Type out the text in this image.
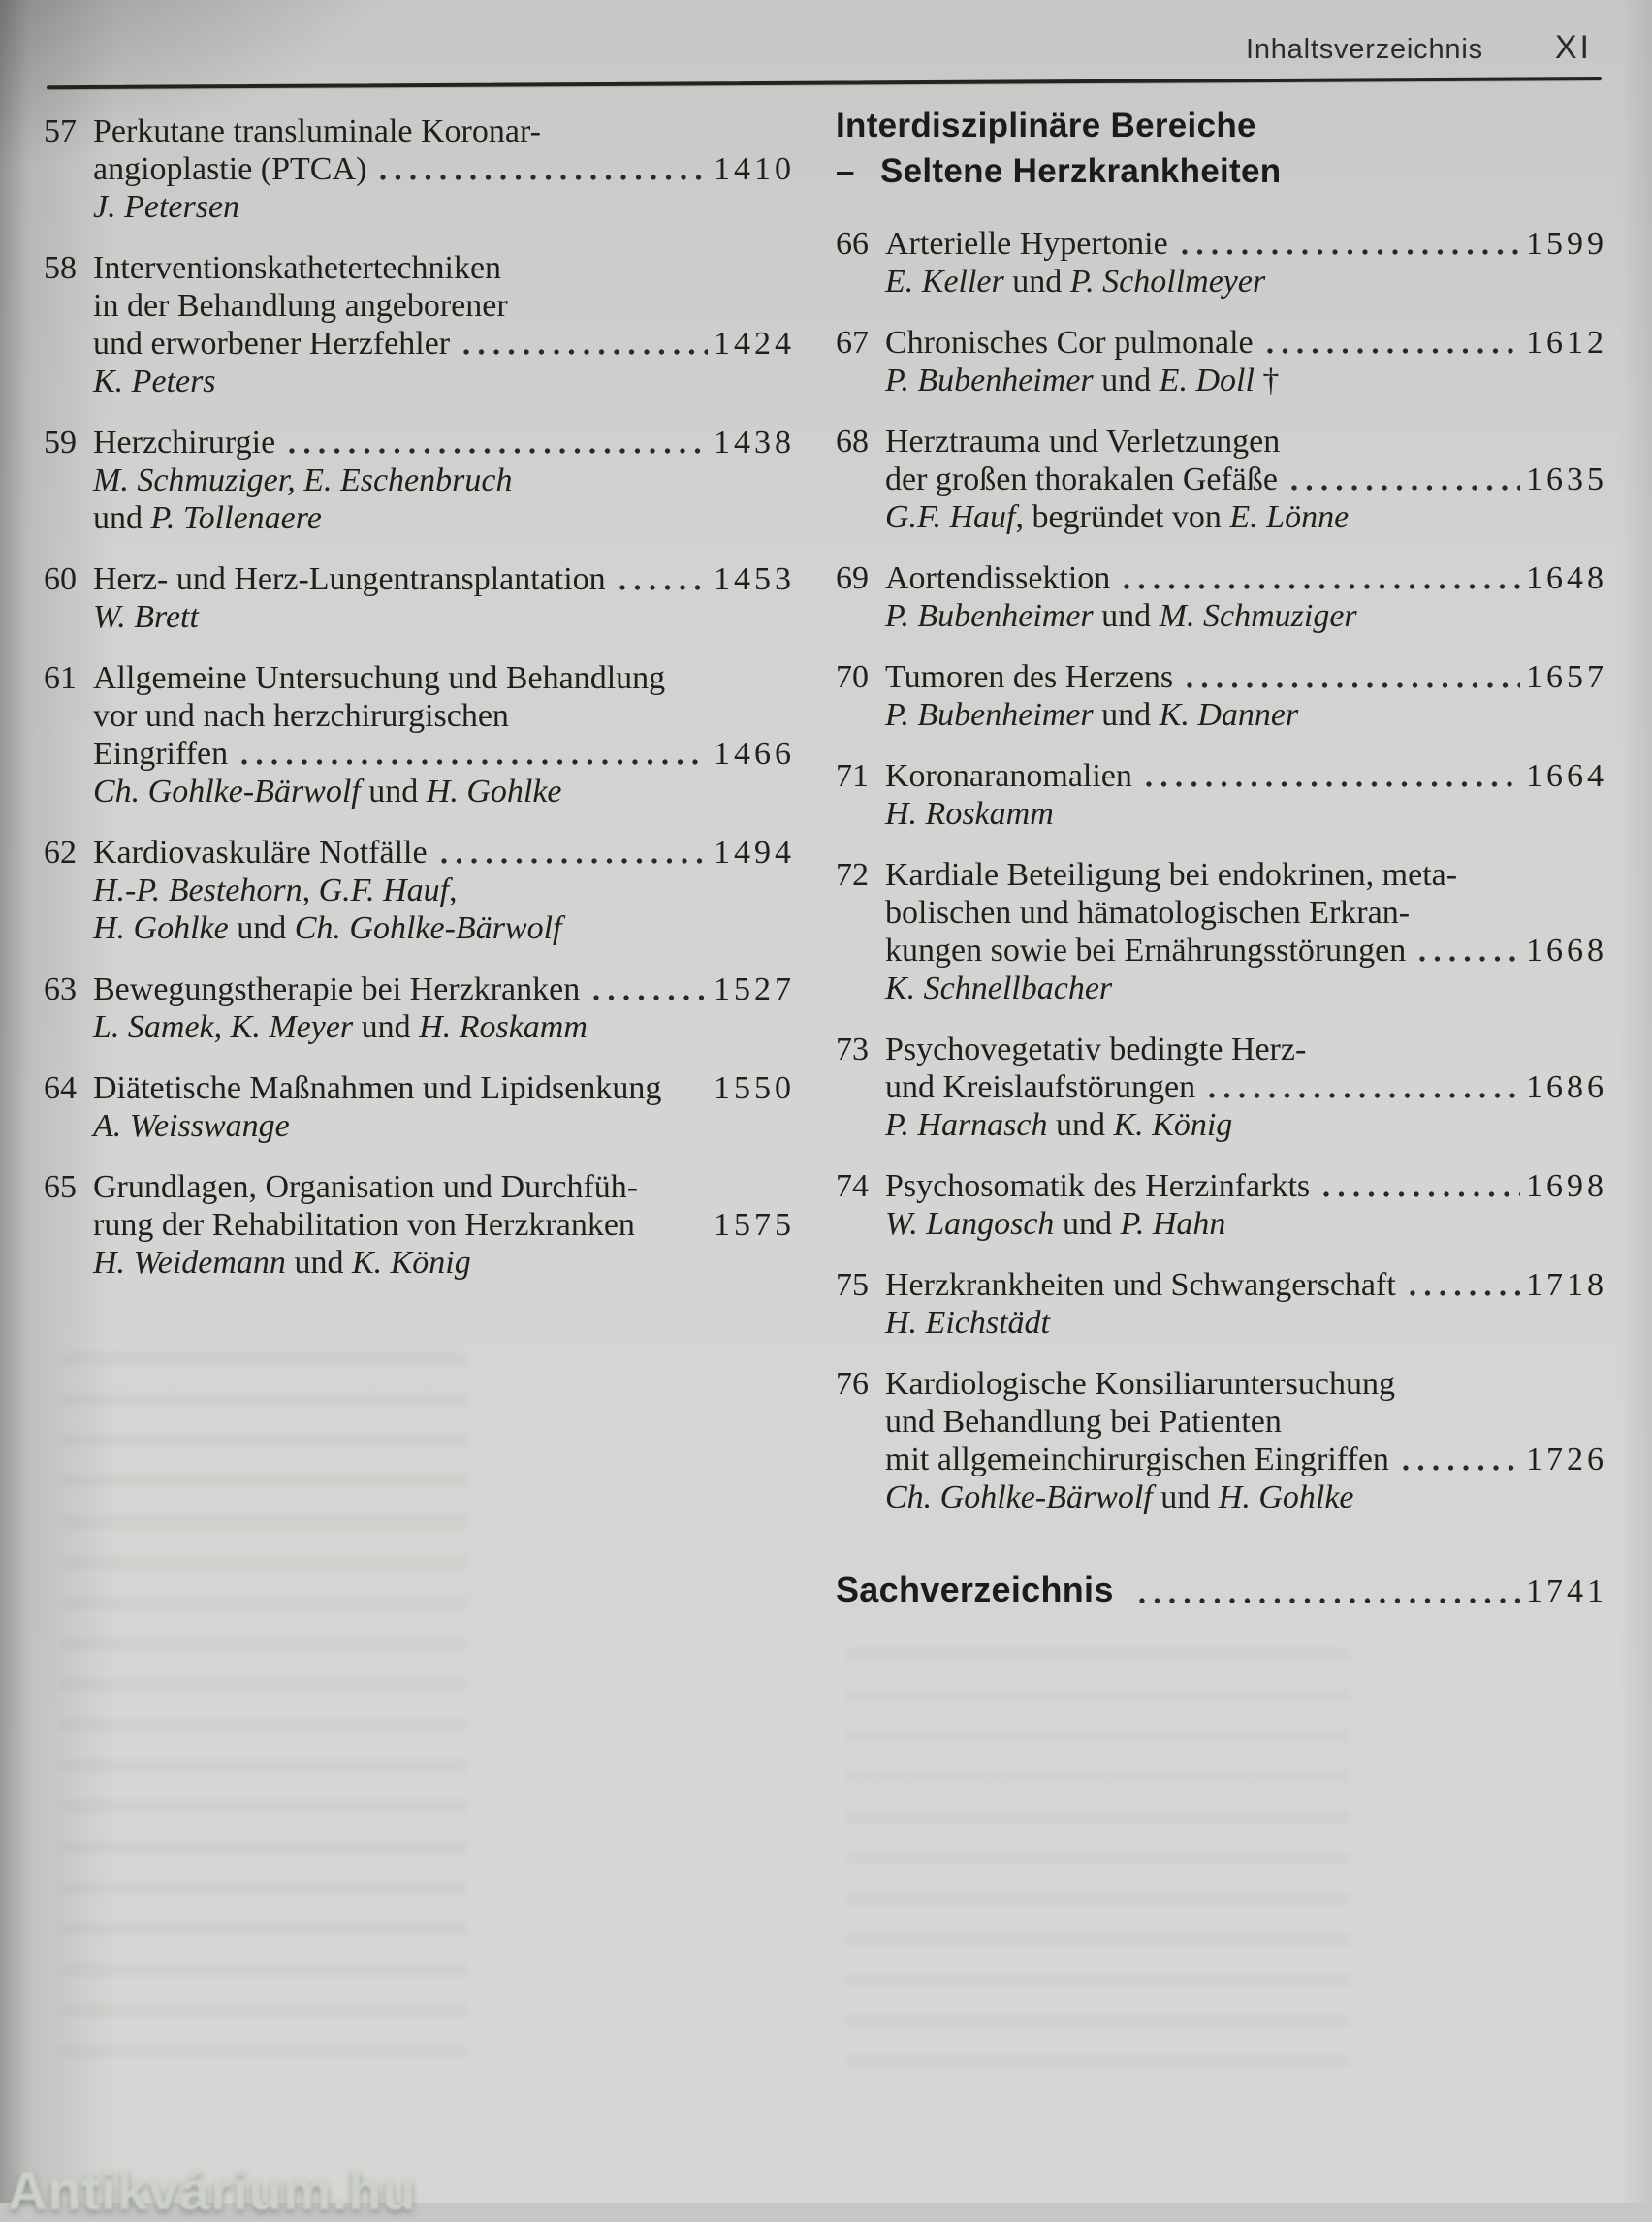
Inhaltsverzeichnis XI
57 Perkutane transluminale Koronar-
angioplastie (PTCA)	1410
J. Petersen
58 Interventionskathetertechniken
in der Behandlung angeborener
und erworbener Herzfehler	1424
K. Peters
59 Herzchirurgie	1438
M. Schmuziger, E. Eschenbruch
und P. Tollenaere
60 Herz- und Herz-Lungentransplantation	1453
W. Brett
61 Allgemeine Untersuchung und Behandlung
vor und nach herzchirurgischen
Eingriffen	1466
Ch. Gohlke-Bärwolf und H. Gohlke
62 Kardiovaskuläre Notfälle	1494
H.-P. Bestehorn, G.F. Hauf,
H. Gohlke und Ch. Gohlke-Bärwolf
63 Bewegungstherapie bei Herzkranken	1527
L. Samek, K. Meyer und H. Roskamm
64 Diätetische Maßnahmen und Lipidsenkung 1550
A. Weisswange
65 Grundlagen, Organisation und Durchfüh-
rung der Rehabilitation von Herzkranken 1575
H. Weidemann und K. König
Interdisziplinäre Bereiche
– Seltene Herzkrankheiten
66 Arterielle Hypertonie	1599
E. Keller und P. Schollmeyer
67 Chronisches Cor pulmonale	1612
P. Bubenheimer und E. Doll †
68 Herztrauma und Verletzungen
der großen thorakalen Gefäße	1635
G.F. Hauf, begründet von E. Lönne
69 Aortendissektion	1648
P. Bubenheimer und M. Schmuziger
70 Tumoren des Herzens	1657
P. Bubenheimer und K. Danner
71 Koronaranomalien	1664
H. Roskamm
72 Kardiale Beteiligung bei endokrinen, meta-
bolischen und hämatologischen Erkran-
kungen sowie bei Ernährungsstörungen	1668
K. Schnellbacher
73 Psychovegetativ bedingte Herz-
und Kreislaufstörungen	1686
P. Harnasch und K. König
74 Psychosomatik des Herzinfarkts	1698
W. Langosch und P. Hahn
75 Herzkrankheiten und Schwangerschaft	1718
H. Eichstädt
76 Kardiologische Konsiliaruntersuchung
und Behandlung bei Patienten
mit allgemeinchirurgischen Eingriffen	1726
Ch. Gohlke-Bärwolf und H. Gohlke
Sachverzeichnis	1741
Antikvárium.hu
